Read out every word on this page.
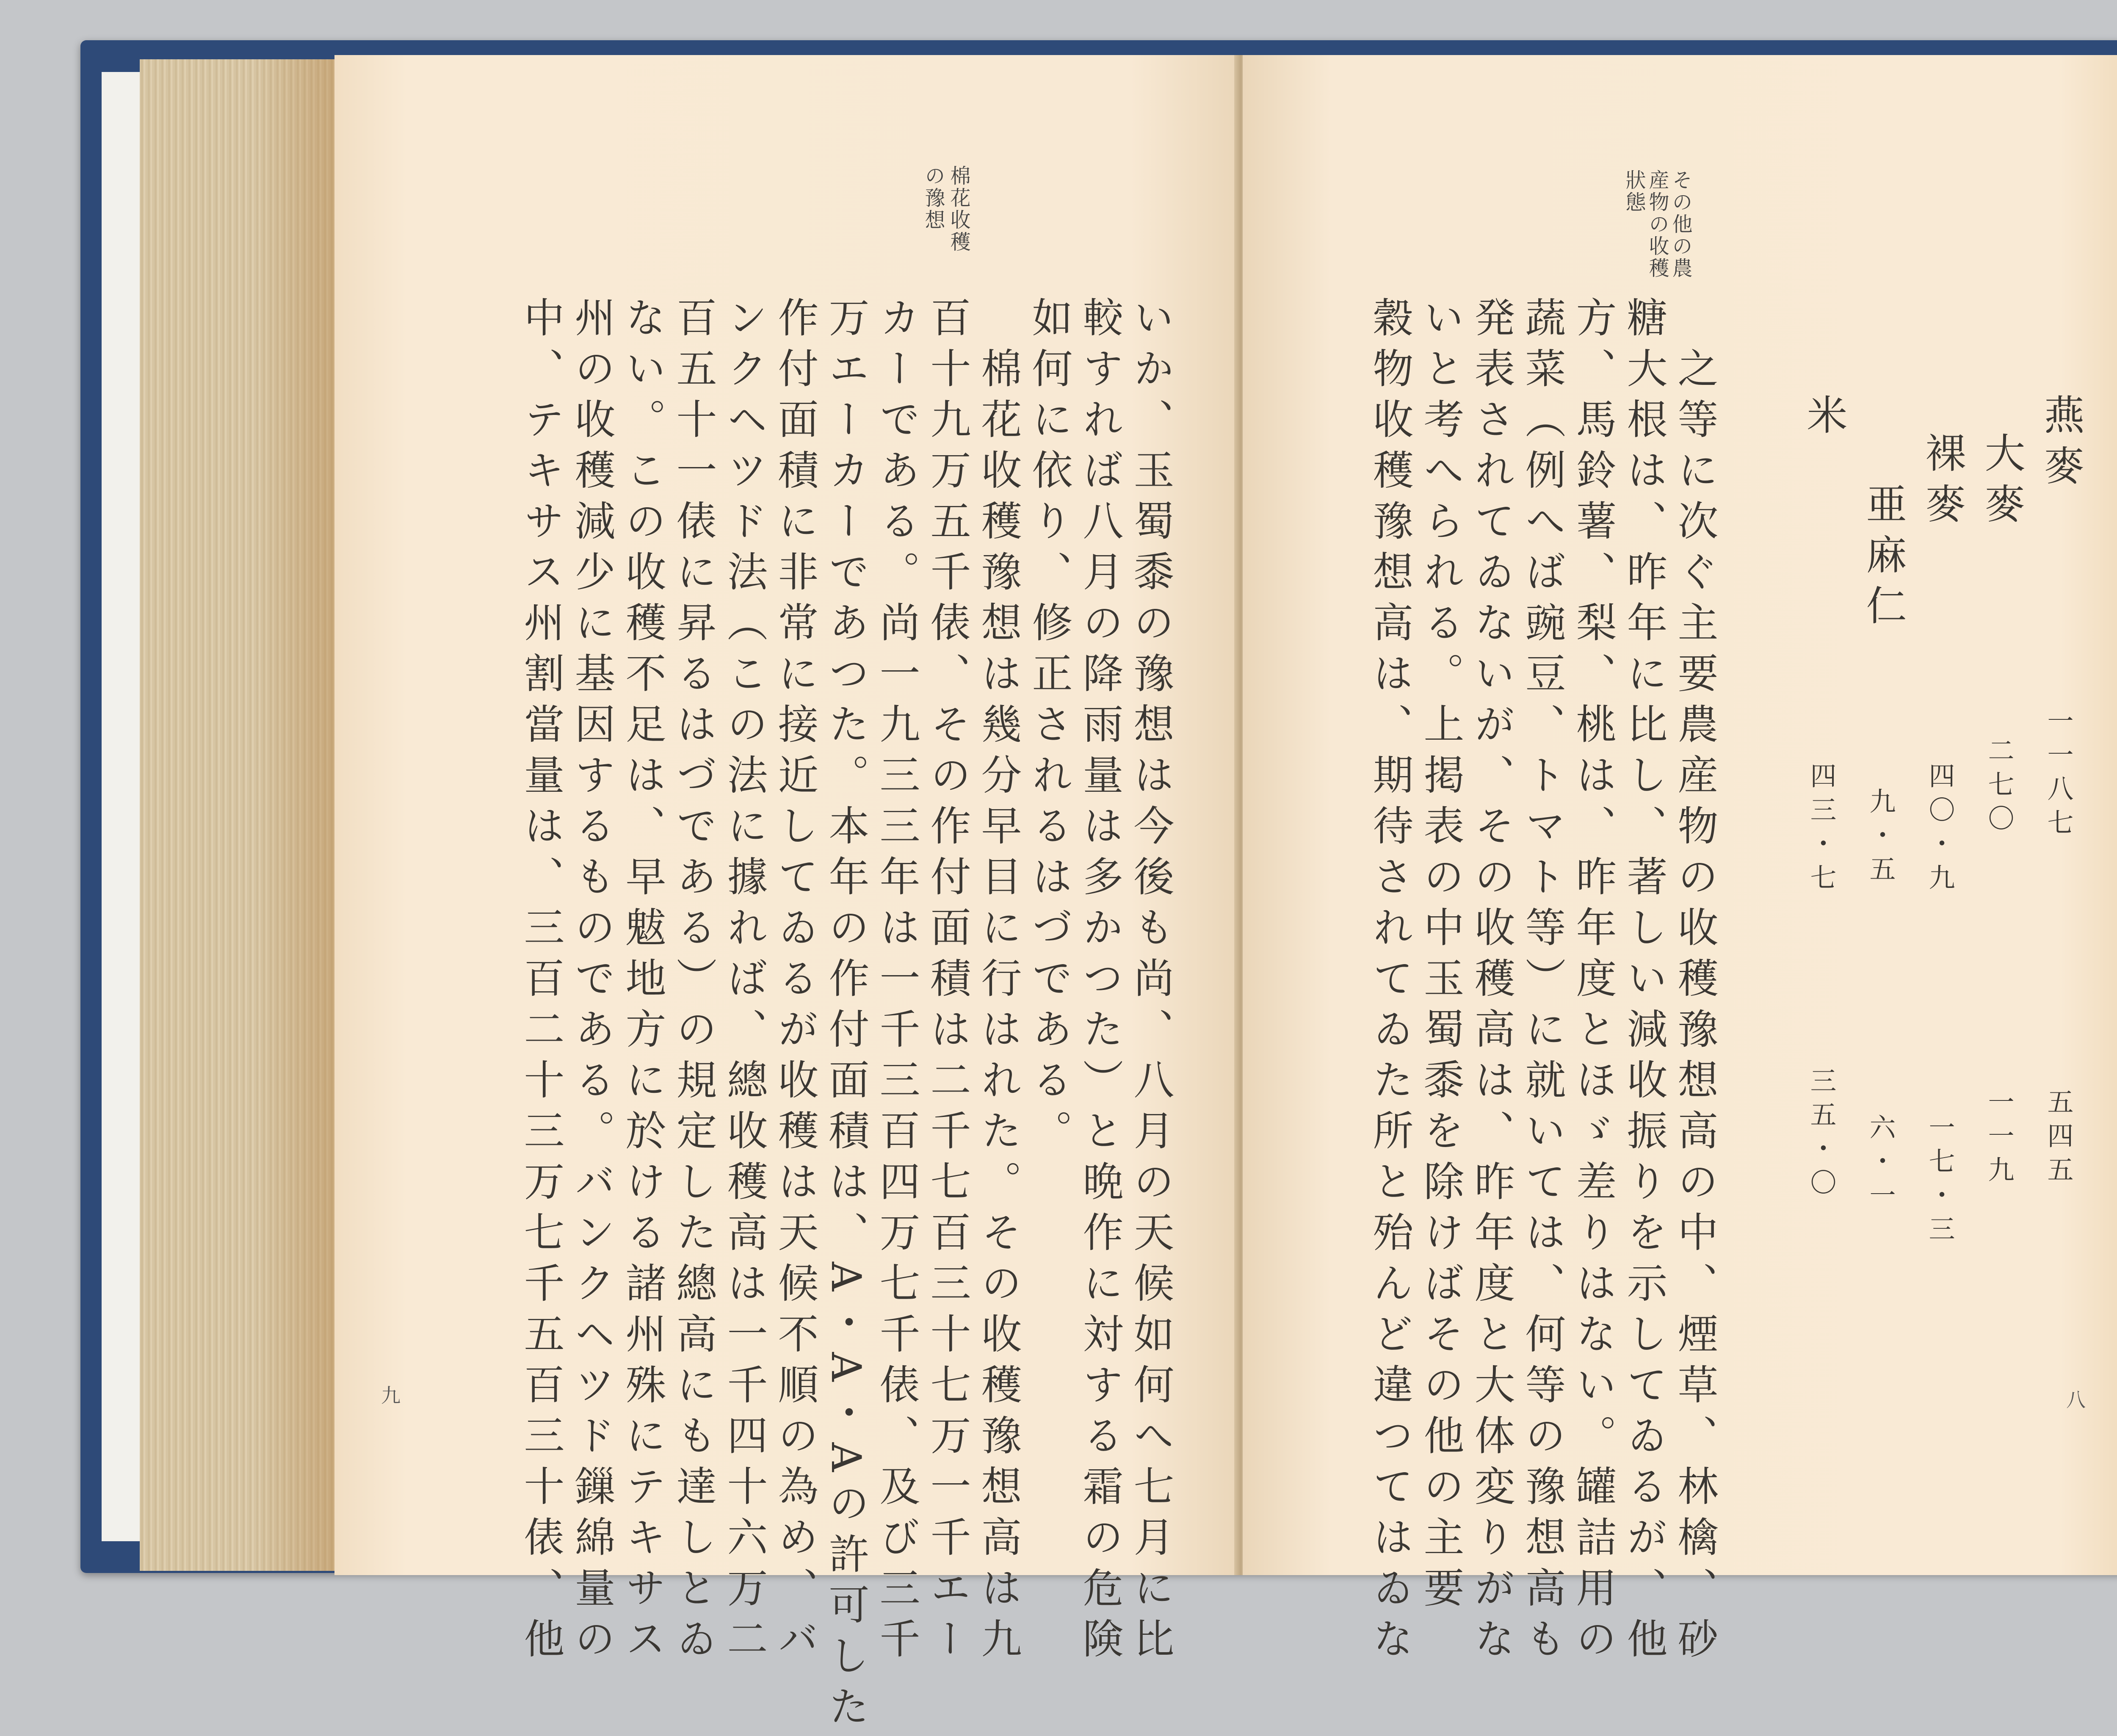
棉花收穫
の豫想
いか、玉蜀黍の豫想は今後も尚、八月の天候如何へ七月に比
較すれば八月の降雨量は多かつた）と晩作に対する霜の危険
如何に依り、修正されるはづである。
棉花收穫豫想は幾分早目に行はれた。その收穫豫想高は九
百十九万五千俵、その作付面積は二千七百三十七万一千エー
カーである。尚一九三三年は一千三百四万七千俵、及び三千
万エーカーであつた。本年の作付面積は、A・A・Aの許可した
作付面積に非常に接近してゐるが收穫は天候不順の為め、バ
ンクヘツド法（この法に據れば、總收穫高は一千四十六万二
百五十一俵に昇るはづである）の規定した總高にも達しとゐ
ない。この收穫不足は、早魃地方に於ける諸州殊にテキサス
州の收穫減少に基因するものである。バンクヘツド鏁綿量の
中、テキサス州割當量は、三百二十三万七千五百三十俵、他
九
その他の農
産物の收穫
狀態
之等に次ぐ主要農産物の收穫豫想高の中、煙草、林檎、砂
糖大根は、昨年に比し、著しい減收振りを示してゐるが、他
方、馬鈴薯、梨、桃は、昨年度とほゞ差りはない。罐詰用の
蔬菜（例へば豌豆、トマト等）に就いては、何等の豫想高も
発表されてゐないが、その收穫高は、昨年度と大体変りがな
いと考へられる。上掲表の中玉蜀黍を除けばその他の主要
穀物收穫豫想高は、期待されてゐた所と殆んど違つてはゐな	燕麥
一一八七
五四五
大麥
二七〇
一一九
裸麥
四〇・九
一七・三
亜麻仁
九・五
六・一
米
四三・七
三五・〇
八
